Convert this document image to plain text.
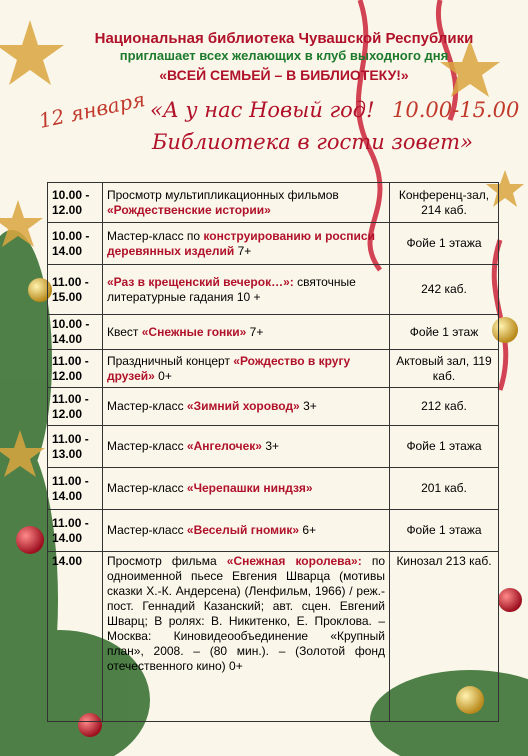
Национальная библиотека Чувашской Республики
приглашает всех желающих в клуб выходного дня
«ВСЕЙ СЕМЬЕЙ – В БИБЛИОТЕКУ!»
12 января «А у нас Новый год! 10.00-15.00
Библиотека в гости зовет»
10.00 - 12.00	Просмотр мультипликационных фильмов «Рождественские истории»	Конференц-зал, 214 каб.
10.00 - 14.00	Мастер-класс по конструированию и росписи деревянных изделий 7+	Фойе 1 этажа
11.00 - 15.00	«Раз в крещенский вечерок…»: святочные литературные гадания 10 +	242 каб.
10.00 - 14.00	Квест «Снежные гонки» 7+	Фойе 1 этаж
11.00 - 12.00	Праздничный концерт «Рождество в кругу друзей» 0+	Актовый зал, 119 каб.
11.00 - 12.00	Мастер-класс «Зимний хоровод» 3+	212 каб.
11.00 - 13.00	Мастер-класс «Ангелочек» 3+	Фойе 1 этажа
11.00 - 14.00	Мастер-класс «Черепашки ниндзя»	201 каб.
11.00 - 14.00	Мастер-класс «Веселый гномик» 6+	Фойе 1 этажа
14.00	Просмотр фильма «Снежная королева»: по одноименной пьесе Евгения Шварца (мотивы сказки Х.-К. Андерсена) (Ленфильм, 1966) / реж.-пост. Геннадий Казанский; авт. сцен. Евгений Шварц; В ролях: В. Никитенко, Е. Проклова. – Москва: Киновидеообъединение «Крупный план», 2008. – (80 мин.). – (Золотой фонд отечественного кино) 0+	Кинозал 213 каб.
